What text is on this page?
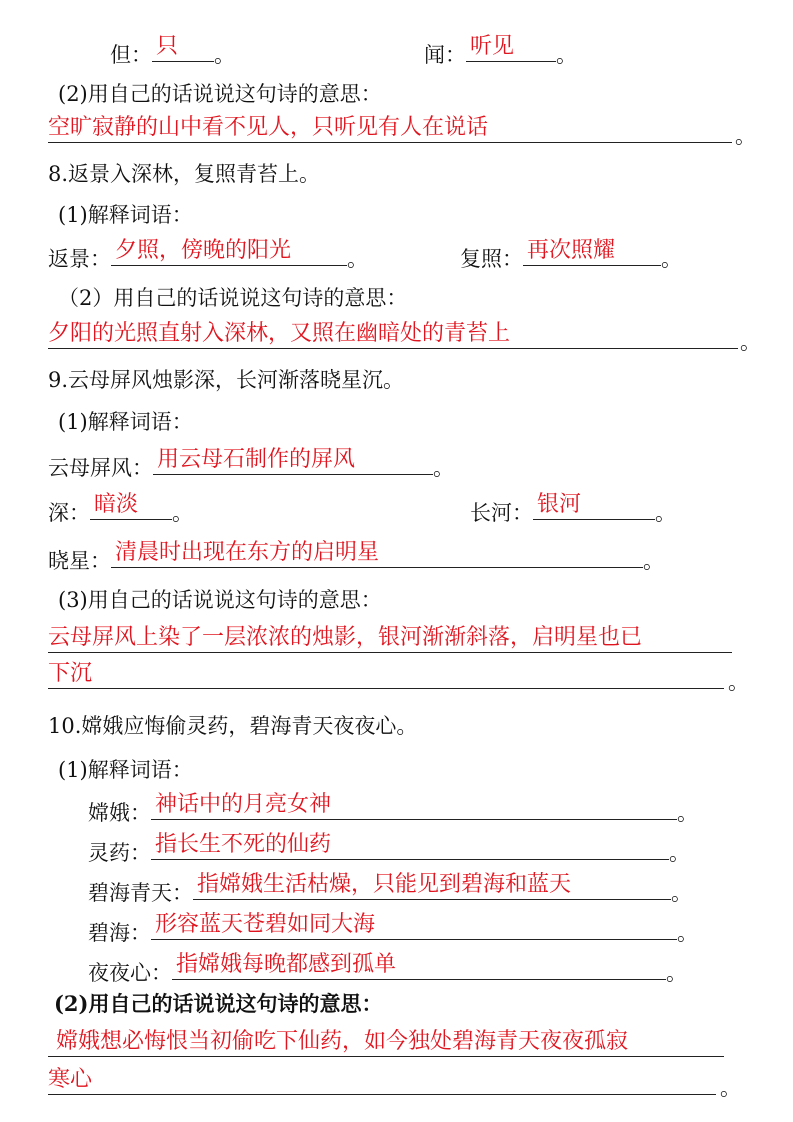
但： 只 。	闻： 听见 。
(2)用自己的话说说这句诗的意思：
空旷寂静的山中看不见人，只听见有人在说话	。
8.返景入深林，复照青苔上。
(1)解释词语：
返景： 夕照，傍晚的阳光	。	复照： 再次照耀 。
（2）用自己的话说说这句诗的意思：
夕阳的光照直射入深林，又照在幽暗处的青苔上	。
9.云母屏风烛影深，长河渐落晓星沉。
(1)解释词语：
云母屏风： 用云母石制作的屏风	。
深： 暗淡 。	长河： 银河	。
晓星： 清晨时出现在东方的启明星	。
(3)用自己的话说说这句诗的意思：
云母屏风上染了一层浓浓的烛影，银河渐渐斜落，启明星也已
下沉	。
10.嫦娥应悔偷灵药，碧海青天夜夜心。
(1)解释词语：
嫦娥： 神话中的月亮女神	。
灵药： 指长生不死的仙药	。
碧海青天： 指嫦娥生活枯燥，只能见到碧海和蓝天	。
碧海： 形容蓝天苍碧如同大海	。
夜夜心： 指嫦娥每晚都感到孤单	。
(2)用自己的话说说这句诗的意思：
嫦娥想必悔恨当初偷吃下仙药，如今独处碧海青天夜夜孤寂
寒心	。
